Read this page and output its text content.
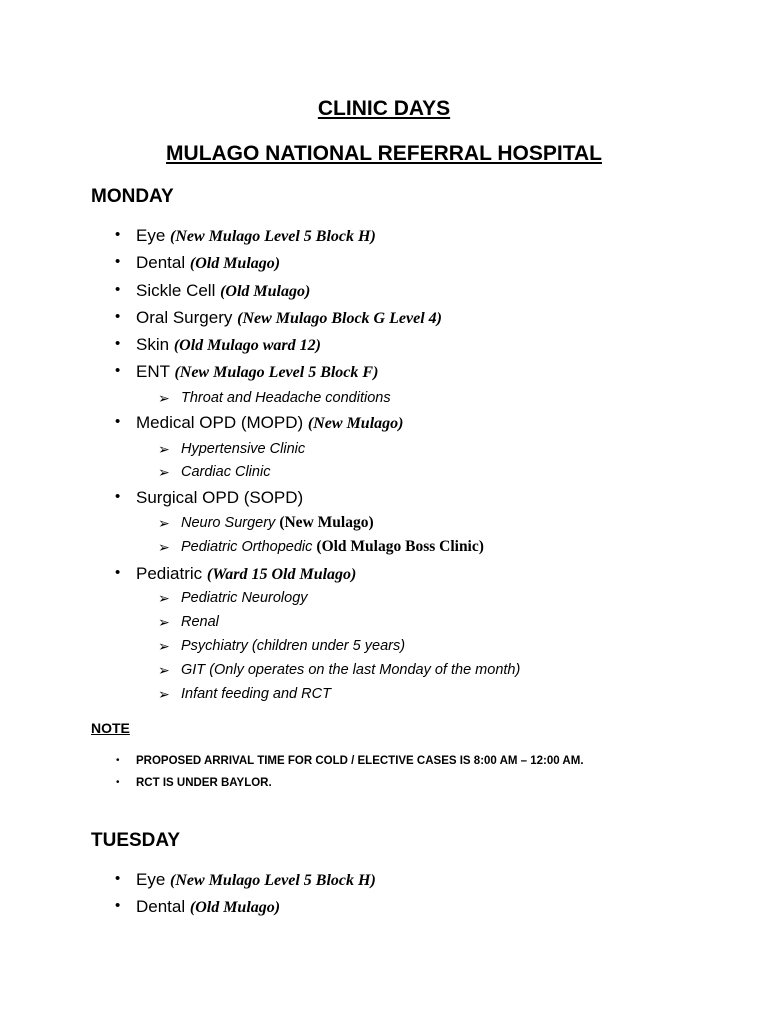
CLINIC DAYS
MULAGO NATIONAL REFERRAL HOSPITAL
MONDAY
• Eye (New Mulago Level 5 Block H)
• Dental (Old Mulago)
• Sickle Cell (Old Mulago)
• Oral Surgery (New Mulago Block G Level 4)
• Skin (Old Mulago ward 12)
• ENT (New Mulago Level 5 Block F)
➢ Throat and Headache conditions
• Medical OPD (MOPD) (New Mulago)
➢ Hypertensive Clinic
➢ Cardiac Clinic
• Surgical OPD (SOPD)
➢ Neuro Surgery (New Mulago)
➢ Pediatric Orthopedic (Old Mulago Boss Clinic)
• Pediatric (Ward 15 Old Mulago)
➢ Pediatric Neurology
➢ Renal
➢ Psychiatry (children under 5 years)
➢ GIT (Only operates on the last Monday of the month)
➢ Infant feeding and RCT
NOTE
• PROPOSED ARRIVAL TIME FOR COLD / ELECTIVE CASES IS 8:00 AM – 12:00 AM.
• RCT IS UNDER BAYLOR.
TUESDAY
• Eye (New Mulago Level 5 Block H)
• Dental (Old Mulago)
